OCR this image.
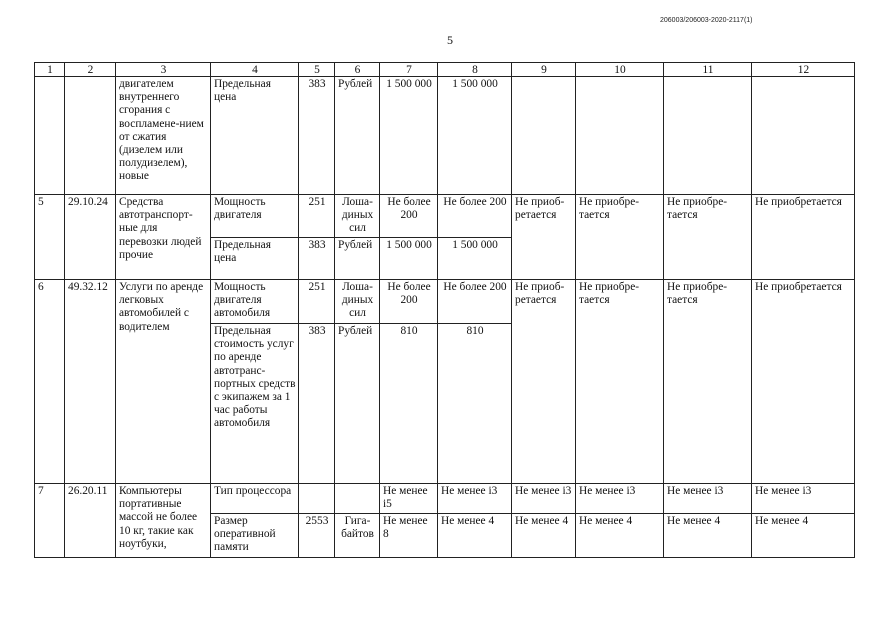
206003/206003-2020-2117(1)
5
1	2	3	4	5	6	7	8	9	10	11	12
		двигателем внутреннего сгорания с воспламене-нием от сжатия (дизелем или полудизелем), новые	Предельная цена	383	Рублей	1 500 000	1 500 000				
5	29.10.24	Средства автотранспорт-ные для перевозки людей прочие	Мощность двигателя	251	Лоша-диных сил	Не более 200	Не более 200	Не приоб-ретается	Не приобре-тается	Не приобре-тается	Не приобретается
			Предельная цена	383	Рублей	1 500 000	1 500 000				
6	49.32.12	Услуги по аренде легковых автомобилей с водителем	Мощность двигателя автомобиля	251	Лоша-диных сил	Не более 200	Не более 200	Не приоб-ретается	Не приобре-тается	Не приобре-тается	Не приобретается
			Предельная стоимость услуг по аренде автотранс-портных средств с экипажем за 1 час работы автомобиля	383	Рублей	810	810				
7	26.20.11	Компьютеры портативные массой не более 10 кг, такие как ноутбуки,	Тип процессора			Не менее i5	Не менее i3	Не менее i3	Не менее i3	Не менее i3	Не менее i3
			Размер оперативной памяти	2553	Гига-байтов	Не менее 8	Не менее 4	Не менее 4	Не менее 4	Не менее 4	Не менее 4
